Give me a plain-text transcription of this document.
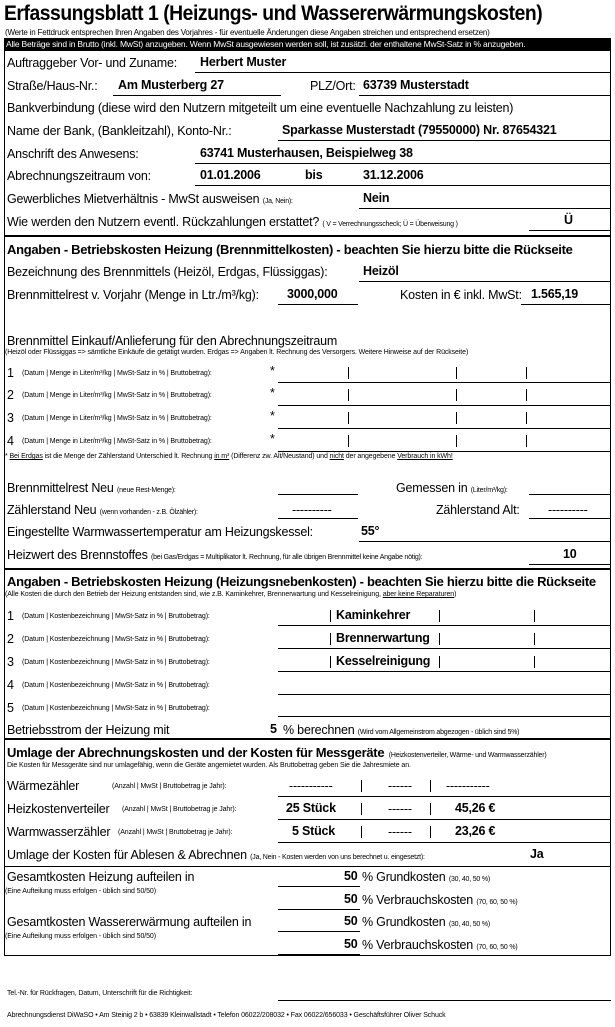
Erfassungsblatt 1 (Heizungs- und Wassererwärmungskosten)
(Werte in Fettdruck entsprechen Ihren Angaben des Vorjahres - für eventuelle Änderungen diese Angaben streichen und entsprechend ersetzen)
Alle Beträge sind in Brutto (inkl. MwSt) anzugeben. Wenn MwSt ausgewiesen werden soll, ist zusätzl. der enthaltene MwSt-Satz in % anzugeben.
Auftraggeber Vor- und Zuname: Herbert Muster
Straße/Haus-Nr.: Am Musterberg 27	PLZ/Ort: 63739 Musterstadt
Bankverbindung (diese wird den Nutzern mitgeteilt um eine eventuelle Nachzahlung zu leisten)
Name der Bank, (Bankleitzahl), Konto-Nr.:	Sparkasse Musterstadt (79550000) Nr. 87654321
Anschrift des Anwesens:	63741 Musterhausen, Beispielweg 38
Abrechnungszeitraum von:	01.01.2006	bis	31.12.2006
Gewerbliches Mietverhältnis - MwSt ausweisen (Ja, Nein):	Nein
Wie werden den Nutzern eventl. Rückzahlungen erstattet? ( V = Verrechnungsscheck; Ü = Überweisung )	Ü
Angaben - Betriebskosten Heizung (Brennmittelkosten) - beachten Sie hierzu bitte die Rückseite
Bezeichnung des Brennmittels (Heizöl, Erdgas, Flüssiggas):	Heizöl
Brennmittelrest v. Vorjahr (Menge in Ltr./m³/kg): 3000,000	Kosten in € inkl. MwSt: 1.565,19
Brennmittel Einkauf/Anlieferung für den Abrechnungszeitraum
(Heizöl oder Flüssiggas => sämtliche Einkäufe die getätigt wurden. Erdgas => Angaben lt. Rechnung des Versorgers. Weitere Hinweise auf der Rückseite)
1 (Datum | Menge in Liter/m³/kg | MwSt-Satz in % | Bruttobetrag):	*
2 (Datum | Menge in Liter/m³/kg | MwSt-Satz in % | Bruttobetrag):	*
3 (Datum | Menge in Liter/m³/kg | MwSt-Satz in % | Bruttobetrag):	*
4 (Datum | Menge in Liter/m³/kg | MwSt-Satz in % | Bruttobetrag):	*
* Bei Erdgas ist die Menge der Zählerstand Unterschied lt. Rechnung in m³ (Differenz zw. Alt/Neustand) und nicht der angegebene Verbrauch in kWh!
Brennmittelrest Neu (neue Rest-Menge):	Gemessen in (Liter/m³/kg):
Zählerstand Neu (wenn vorhanden - z.B. Ölzähler):	----------	Zählerstand Alt: ----------
Eingestellte Warmwassertemperatur am Heizungskessel:	55°
Heizwert des Brennstoffes (bei Gas/Erdgas = Multiplikator lt. Rechnung, für alle übrigen Brennmittel keine Angabe nötig):	10
Angaben - Betriebskosten Heizung (Heizungsnebenkosten) - beachten Sie hierzu bitte die Rückseite
(Alle Kosten die durch den Betrieb der Heizung entstanden sind, wie z.B. Kaminkehrer, Brennerwartung und Kesselreinigung, aber keine Reparaturen)
1 (Datum | Kostenbezeichnung | MwSt-Satz in % | Bruttobetrag):	Kaminkehrer
2 (Datum | Kostenbezeichnung | MwSt-Satz in % | Bruttobetrag):	Brennerwartung
3 (Datum | Kostenbezeichnung | MwSt-Satz in % | Bruttobetrag):	Kesselreinigung
4 (Datum | Kostenbezeichnung | MwSt-Satz in % | Bruttobetrag):
5 (Datum | Kostenbezeichnung | MwSt-Satz in % | Bruttobetrag):
Betriebsstrom der Heizung mit	5 % berechnen (Wird vom Allgemeinstrom abgezogen - üblich sind 5%)
Umlage der Abrechnungskosten und der Kosten für Messgeräte (Heizkostenverteiler, Wärme- und Warmwasserzähler)
Die Kosten für Messgeräte sind nur umlagefähig, wenn die Geräte angemietet wurden. Als Bruttobetrag geben Sie die Jahresmiete an.
Wärmezähler	(Anzahl | MwSt | Bruttobetrag je Jahr):	-----------	------	-----------
Heizkostenverteiler (Anzahl | MwSt | Bruttobetrag je Jahr):	25 Stück	------	45,26 €
Warmwasserzähler (Anzahl | MwSt | Bruttobetrag je Jahr):	5 Stück	------	23,26 €
Umlage der Kosten für Ablesen & Abrechnen (Ja, Nein - Kosten werden von uns berechnet u. eingesetzt):	Ja
Gesamtkosten Heizung aufteilen in
(Eine Aufteilung muss erfolgen - üblich sind 50/50)
50 % Grundkosten (30, 40, 50 %)
50 % Verbrauchskosten (70, 60, 50 %)
Gesamtkosten Wassererwärmung aufteilen in
(Eine Aufteilung muss erfolgen - üblich sind 50/50)
50 % Grundkosten (30, 40, 50 %)
50 % Verbrauchskosten (70, 60, 50 %)
Tel.-Nr. für Rückfragen, Datum, Unterschrift für die Richtigkeit:
Abrechnungsdienst DiWaSO • Am Steinig 2 b • 63839 Kleinwallstadt • Telefon 06022/208032 • Fax 06022/656033 • Geschäftsführer Oliver Schuck
